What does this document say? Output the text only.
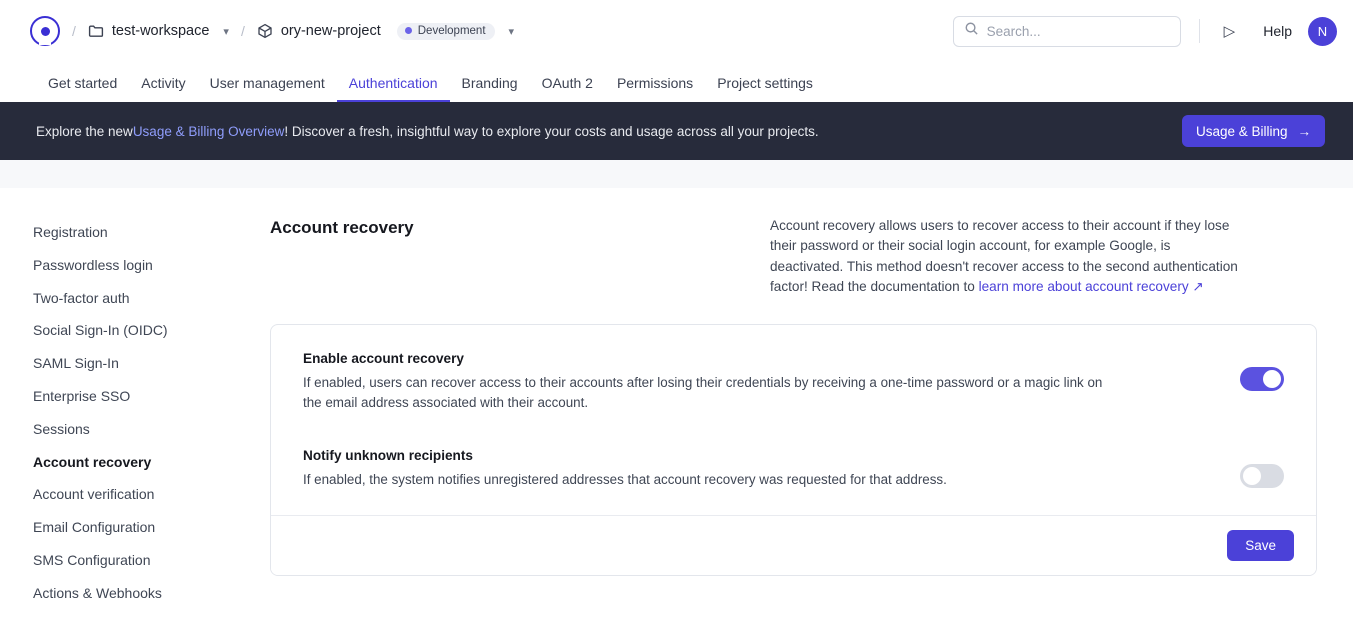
/ test-workspace ▾ / ory-new-project	Development ▾
Search...	▷	Help N
Get started	Activity	User management	Authentication	Branding	OAuth 2	Permissions	Project settings
Explore the new Usage & Billing Overview ! Discover a fresh, insightful way to explore your costs and usage across all your projects.	Usage & Billing →
Registration
Passwordless login
Two-factor auth
Social Sign-In (OIDC)
SAML Sign-In
Enterprise SSO
Sessions
Account recovery
Account verification
Email Configuration
SMS Configuration
Actions & Webhooks
Account recovery	Account recovery allows users to recover access to their account if they lose their password or their social login account, for example Google, is deactivated. This method doesn't recover access to the second authentication factor! Read the documentation to learn more about account recovery ↗
Enable account recovery
If enabled, users can recover access to their accounts after losing their credentials by receiving a one-time password or a magic link on the email address associated with their account.
Notify unknown recipients
If enabled, the system notifies unregistered addresses that account recovery was requested for that address.
Save
